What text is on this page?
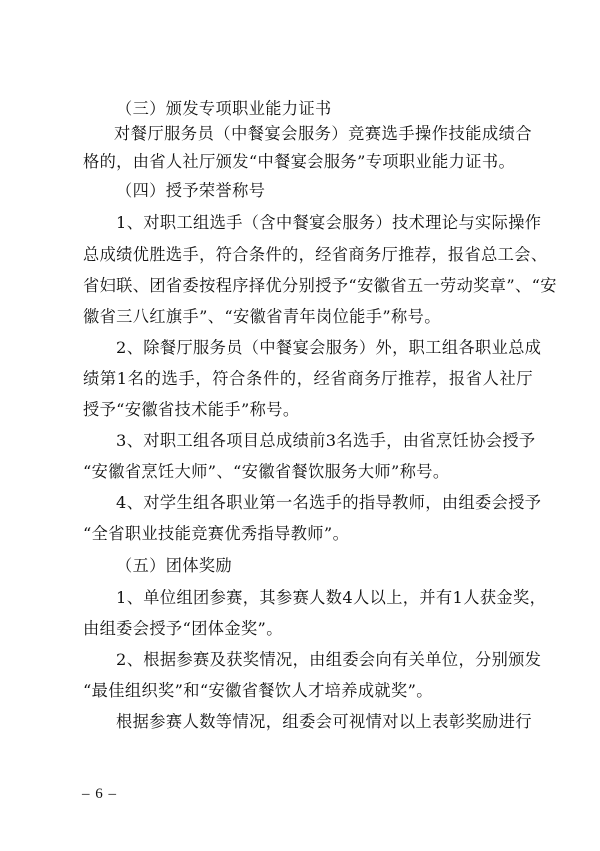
（三）颁发专项职业能力证书
对餐厅服务员（中餐宴会服务）竞赛选手操作技能成绩合
格的，由省人社厅颁发“中餐宴会服务”专项职业能力证书。
（四）授予荣誉称号
1、对职工组选手（含中餐宴会服务）技术理论与实际操作
总成绩优胜选手，符合条件的，经省商务厅推荐，报省总工会、
省妇联、团省委按程序择优分别授予“安徽省五一劳动奖章”、“安
徽省三八红旗手”、“安徽省青年岗位能手”称号。
2、除餐厅服务员（中餐宴会服务）外，职工组各职业总成
绩第1名的选手，符合条件的，经省商务厅推荐，报省人社厅
授予“安徽省技术能手”称号。
3、对职工组各项目总成绩前3名选手，由省烹饪协会授予
“安徽省烹饪大师”、“安徽省餐饮服务大师”称号。
4、对学生组各职业第一名选手的指导教师，由组委会授予
“全省职业技能竞赛优秀指导教师”。
（五）团体奖励
1、单位组团参赛，其参赛人数4人以上，并有1人获金奖，
由组委会授予“团体金奖”。
2、根据参赛及获奖情况，由组委会向有关单位，分别颁发
“最佳组织奖”和“安徽省餐饮人才培养成就奖”。
根据参赛人数等情况，组委会可视情对以上表彰奖励进行
– 6 –
